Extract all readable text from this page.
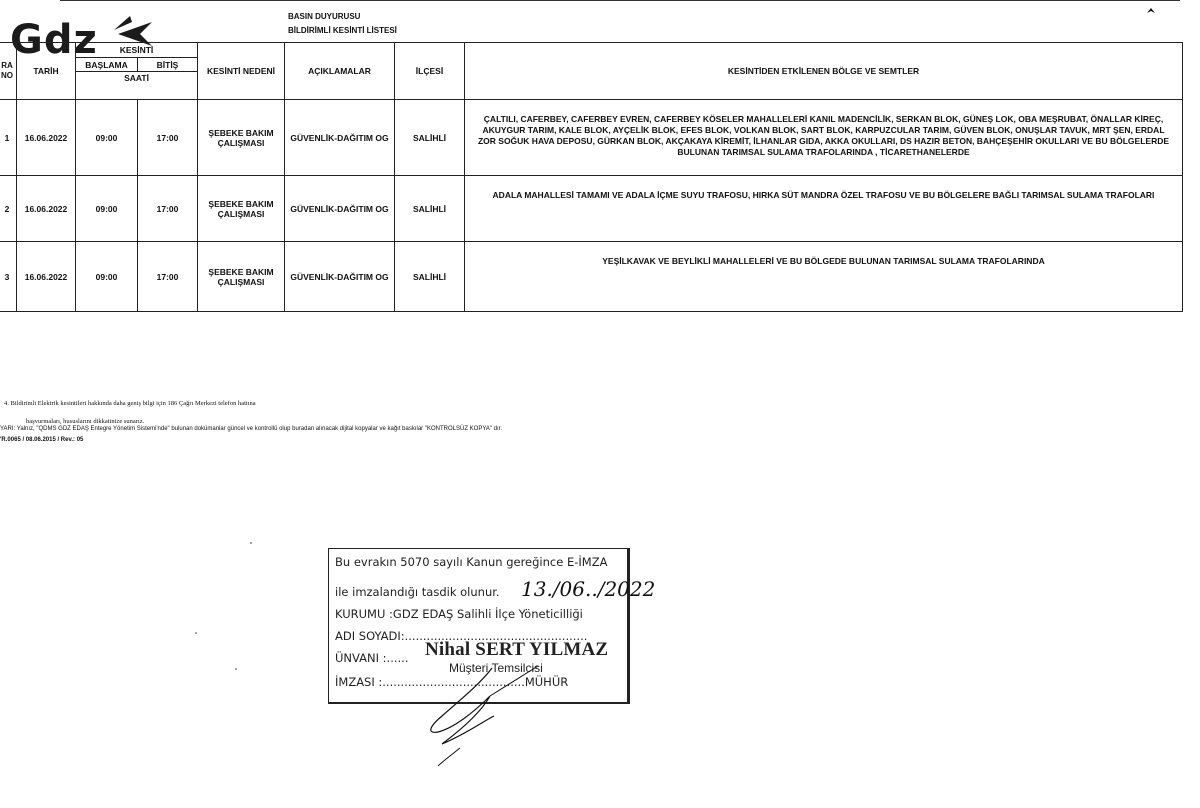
Gdz
BASIN DUYURUSU
BİLDİRİMLİ KESİNTİ LİSTESİ
RA
NO	TARİH	KESİNTİ		KESİNTİ NEDENİ	AÇIKLAMALAR	İLÇESİ	KESİNTİDEN ETKİLENEN BÖLGE VE SEMTLER
		BAŞLAMA	BİTİŞ				
		SAATİ					
1	16.06.2022	09:00	17:00	ŞEBEKE BAKIM ÇALIŞMASI	GÜVENLİK-DAĞITIM OG	SALİHLİ	ÇALTILI, CAFERBEY, CAFERBEY EVREN, CAFERBEY KÖSELER MAHALLELERİ KANIL MADENCİLİK, SERKAN BLOK, GÜNEŞ LOK, OBA MEŞRUBAT, ÖNALLAR KİREÇ, AKUYGUR TARIM, KALE BLOK, AYÇELİK BLOK, EFES BLOK, VOLKAN BLOK, SART BLOK, KARPUZCULAR TARIM, GÜVEN BLOK, ONUŞLAR TAVUK, MRT ŞEN, ERDAL ZOR SOĞUK HAVA DEPOSU, GÜRKAN BLOK, AKÇAKAYA KİREMİT, İLHANLAR GIDA, AKKA OKULLARI, DS HAZIR BETON, BAHÇEŞEHİR OKULLARI VE BU BÖLGELERDE BULUNAN TARIMSAL SULAMA TRAFOLARINDA , TİCARETHANELERDE
2	16.06.2022	09:00	17:00	ŞEBEKE BAKIM ÇALIŞMASI	GÜVENLİK-DAĞITIM OG	SALİHLİ	ADALA MAHALLESİ TAMAMI VE ADALA İÇME SUYU TRAFOSU, HIRKA SÜT MANDRA ÖZEL TRAFOSU VE BU BÖLGELERE BAĞLI TARIMSAL SULAMA TRAFOLARI
3	16.06.2022	09:00	17:00	ŞEBEKE BAKIM ÇALIŞMASI	GÜVENLİK-DAĞITIM OG	SALİHLİ	YEŞİLKAVAK VE BEYLİKLİ MAHALLELERİ VE BU BÖLGEDE BULUNAN TARIMSAL SULAMA TRAFOLARINDA
4. Bildirimli Elektrik kesintileri hakkında daha geniş bilgi için 186 Çağrı Merkezi telefon hattına
başvurmaları, hususlarını dikkatinize sunarız.
YARI: Yalnız, "QDMS GDZ EDAŞ Entegre Yönetim Sistemi'nde" bulunan dokümanlar güncel ve kontrollü olup buradan alınacak dijital kopyalar ve kağıt baskılar "KONTROLSÜZ KOPYA" dır.
'R.0065 / 08.06.2015 / Rev.: 05
Bu evrakın 5070 sayılı Kanun gereğince E-İMZA
ile imzalandığı tasdik olunur. 13./06../2022
KURUMU :GDZ EDAŞ Salihli İlçe Yöneticilliği
ADI SOYADI:..................................................
ÜNVANI :......
İMZASI :.......................................MÜHÜR
Nihal SERT YILMAZ
Müşteri Temsilcisi
